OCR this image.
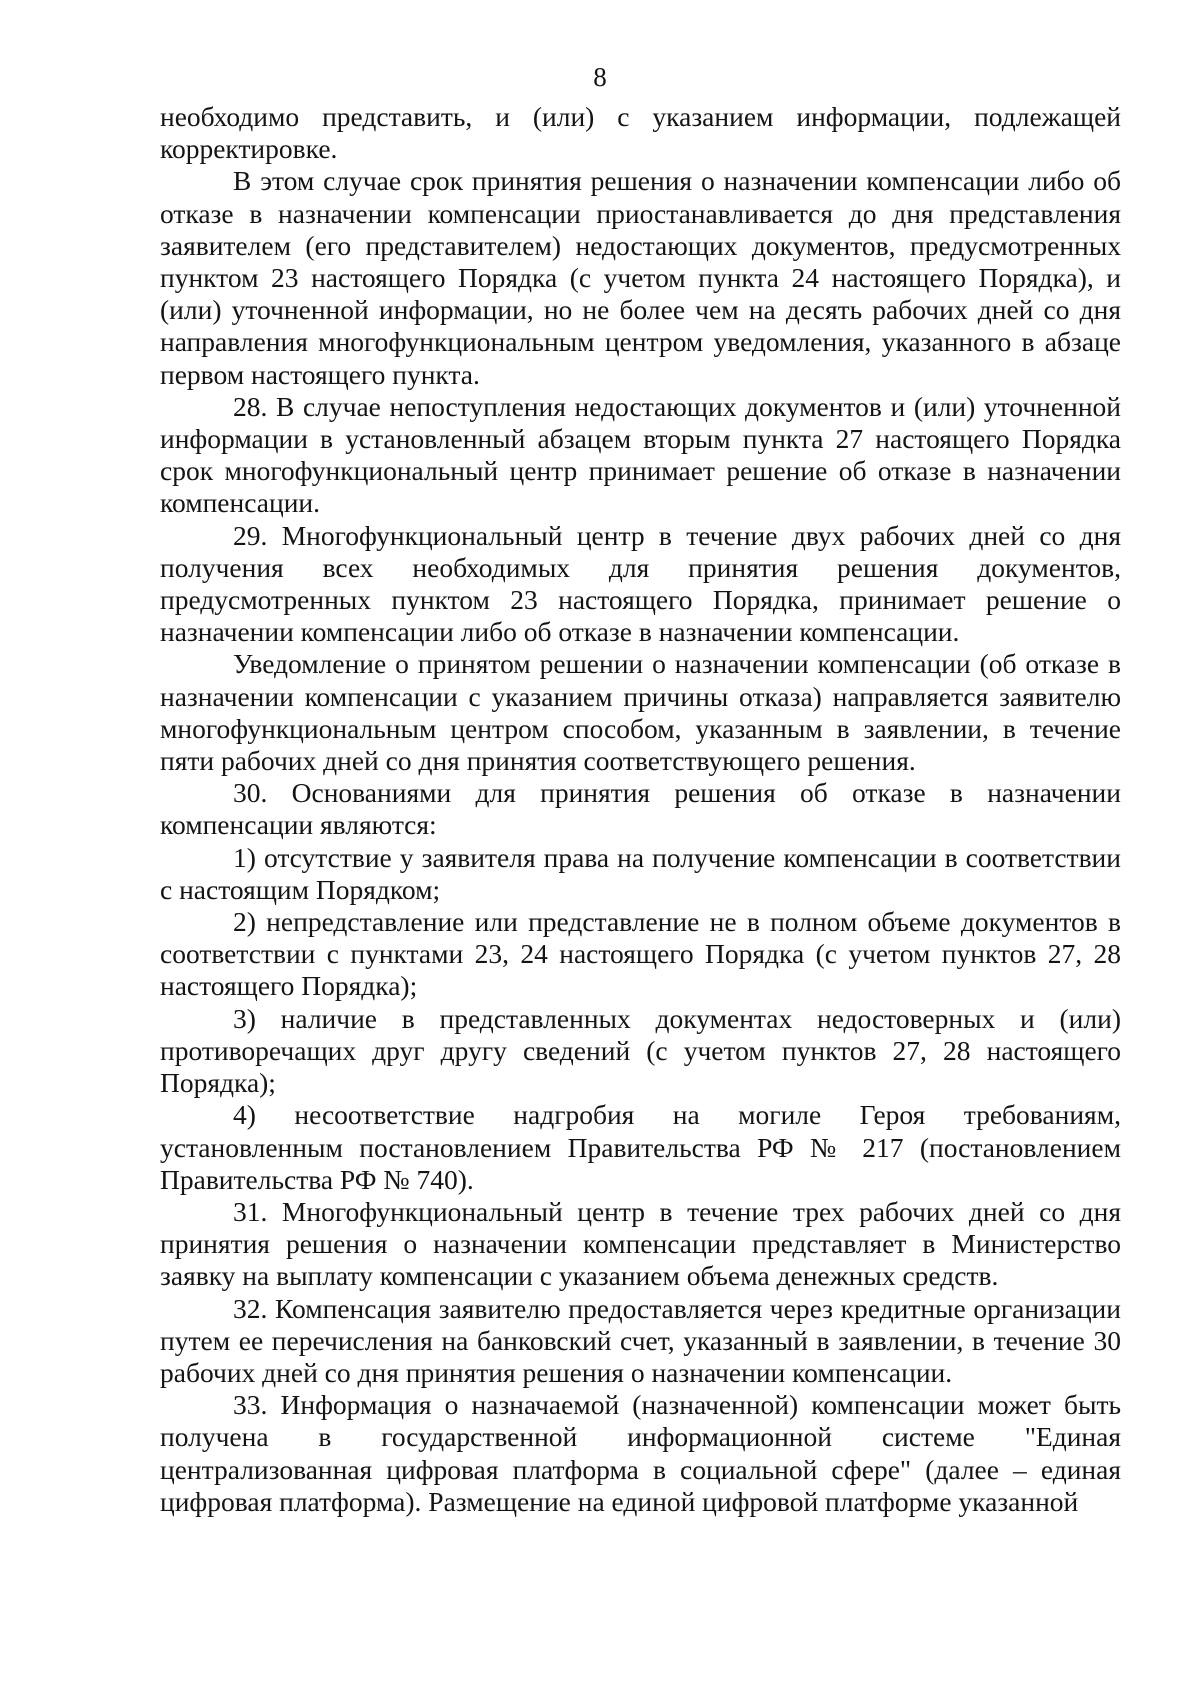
8

необходимо представить, и (или) с указанием информации, подлежащей корректировке.

В этом случае срок принятия решения о назначении компенсации либо об отказе в назначении компенсации приостанавливается до дня представления заявителем (его представителем) недостающих документов, предусмотренных пунктом 23 настоящего Порядка (с учетом пункта 24 настоящего Порядка), и (или) уточненной информации, но не более чем на десять рабочих дней со дня направления многофункциональным центром уведомления, указанного в абзаце первом настоящего пункта.

28. В случае непоступления недостающих документов и (или) уточненной информации в установленный абзацем вторым пункта 27 настоящего Порядка срок многофункциональный центр принимает решение об отказе в назначении компенсации.

29. Многофункциональный центр в течение двух рабочих дней со дня получения всех необходимых для принятия решения документов, предусмотренных пунктом 23 настоящего Порядка, принимает решение о назначении компенсации либо об отказе в назначении компенсации.

Уведомление о принятом решении о назначении компенсации (об отказе в назначении компенсации с указанием причины отказа) направляется заявителю многофункциональным центром способом, указанным в заявлении, в течение пяти рабочих дней со дня принятия соответствующего решения.

30. Основаниями для принятия решения об отказе в назначении компенсации являются:

1) отсутствие у заявителя права на получение компенсации в соответствии с настоящим Порядком;

2) непредставление или представление не в полном объеме документов в соответствии с пунктами 23, 24 настоящего Порядка (с учетом пунктов 27, 28 настоящего Порядка);

3) наличие в представленных документах недостоверных и (или) противоречащих друг другу сведений (с учетом пунктов 27, 28 настоящего Порядка);

4) несоответствие надгробия на могиле Героя требованиям, установленным постановлением Правительства РФ № 217 (постановлением Правительства РФ № 740).

31. Многофункциональный центр в течение трех рабочих дней со дня принятия решения о назначении компенсации представляет в Министерство заявку на выплату компенсации с указанием объема денежных средств.

32. Компенсация заявителю предоставляется через кредитные организации путем ее перечисления на банковский счет, указанный в заявлении, в течение 30 рабочих дней со дня принятия решения о назначении компенсации.

33. Информация о назначаемой (назначенной) компенсации может быть получена в государственной информационной системе "Единая централизованная цифровая платформа в социальной сфере" (далее – единая цифровая платформа). Размещение на единой цифровой платформе указанной
